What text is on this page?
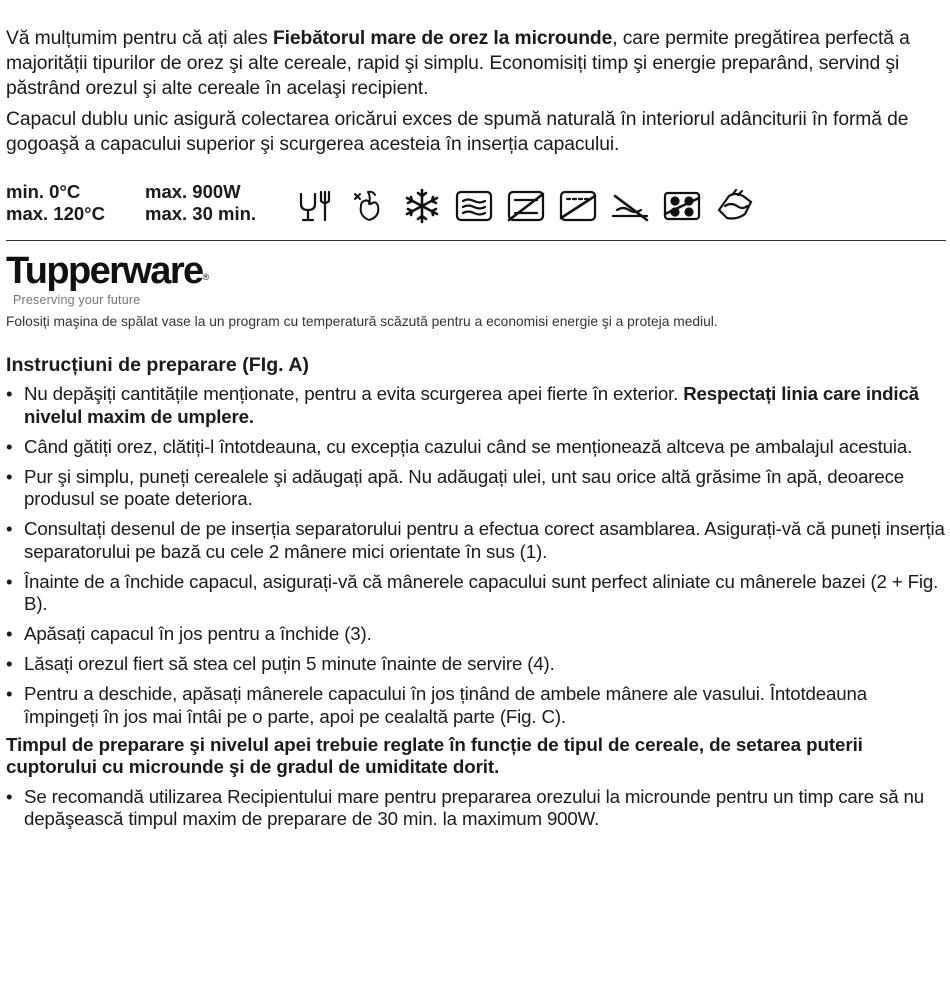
Vă mulțumim pentru că ați ales Fiebătorul mare de orez la microunde, care permite pregătirea perfectă a majorității tipurilor de orez şi alte cereale, rapid şi simplu. Economisiți timp şi energie preparând, servind şi păstrând orezul şi alte cereale în acelaşi recipient.

Capacul dublu unic asigură colectarea oricărui exces de spumă naturală în interiorul adânciturii în formă de gogoaşă a capacului superior şi scurgerea acesteia în inserția capacului.

min. 0°C
max. 120°C
max. 900W
max. 30 min.
Tupperware®
Preserving your future
Folosiți maşina de spălat vase la un program cu temperatură scăzută pentru a economisi energie şi a proteja mediul.
Instrucțiuni de preparare (FIg. A)
• Nu depăşiți cantitățile menționate, pentru a evita scurgerea apei fierte în exterior. Respectați linia care indică nivelul maxim de umplere.
• Când gătiți orez, clătiți-l întotdeauna, cu excepția cazului când se menționează altceva pe ambalajul acestuia.
• Pur şi simplu, puneți cerealele şi adăugați apă. Nu adăugați ulei, unt sau orice altă grăsime în apă, deoarece produsul se poate deteriora.
• Consultați desenul de pe inserția separatorului pentru a efectua corect asamblarea. Asigurați-vă că puneți inserția separatorului pe bază cu cele 2 mânere mici orientate în sus (1).
• Înainte de a închide capacul, asigurați-vă că mânerele capacului sunt perfect aliniate cu mânerele bazei (2 + Fig. B).
• Apăsați capacul în jos pentru a închide (3).
• Lăsați orezul fiert să stea cel puțin 5 minute înainte de servire (4).
• Pentru a deschide, apăsați mânerele capacului în jos ținând de ambele mânere ale vasului. Întotdeauna împingeți în jos mai întâi pe o parte, apoi pe cealaltă parte (Fig. C).
Timpul de preparare şi nivelul apei trebuie reglate în funcție de tipul de cereale, de setarea puterii cuptorului cu microunde şi de gradul de umiditate dorit.
• Se recomandă utilizarea Recipientului mare pentru prepararea orezului la microunde pentru un timp care să nu depăşească timpul maxim de preparare de 30 min. la maximum 900W.
